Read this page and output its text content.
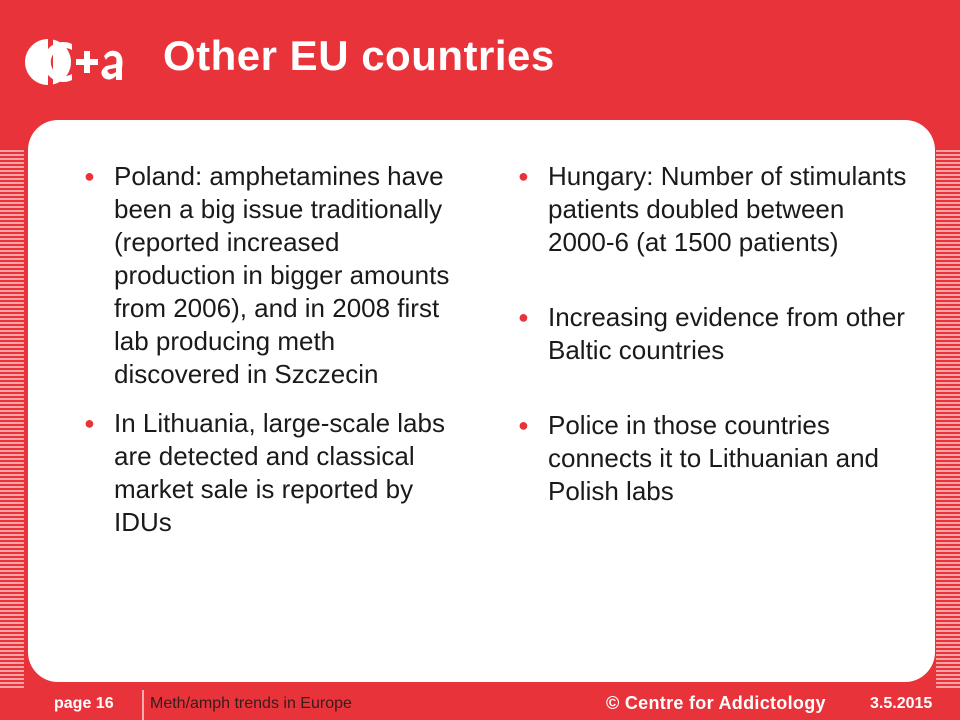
Other EU countries
● Poland: amphetamines have been a big issue traditionally (reported increased production in bigger amounts from 2006), and in 2008 first lab producing meth discovered in Szczecin
● In Lithuania, large-scale labs are detected and classical market sale is reported by IDUs
● Hungary: Number of stimulants patients doubled between 2000-6 (at 1500 patients)
● Increasing evidence from other Baltic countries
● Police in those countries connects it to Lithuanian and Polish labs
page 16 Meth/amph trends in Europe	© Centre for Addictology	3.5.2015
